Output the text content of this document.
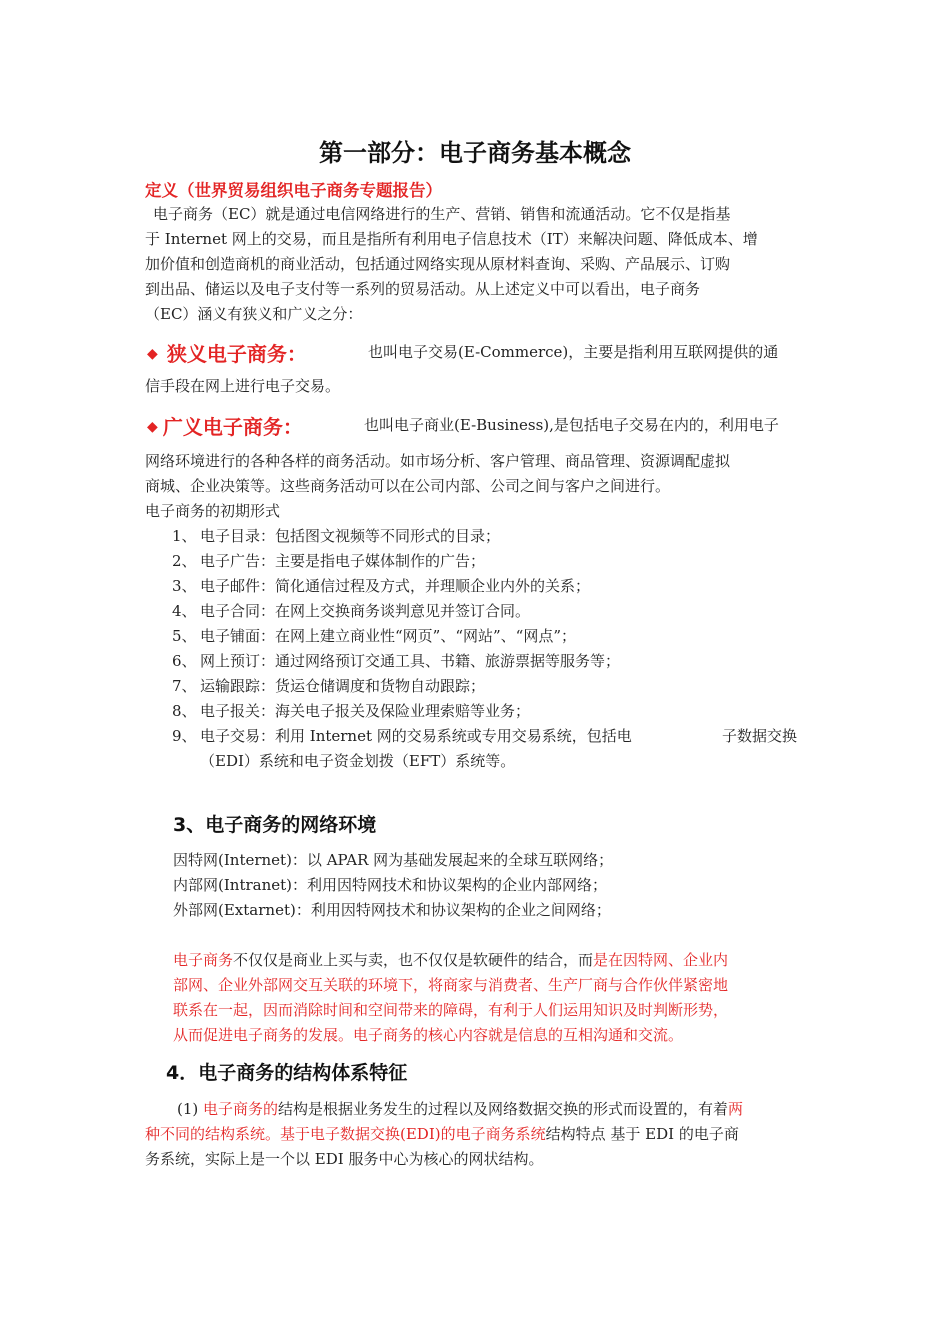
第一部分：电子商务基本概念
定义（世界贸易组织电子商务专题报告）
电子商务（EC）就是通过电信网络进行的生产、营销、销售和流通活动。它不仅是指基
于 Internet 网上的交易，而且是指所有利用电子信息技术（IT）来解决问题、降低成本、增
加价值和创造商机的商业活动，包括通过网络实现从原材料查询、采购、产品展示、订购
到出品、储运以及电子支付等一系列的贸易活动。从上述定义中可以看出，电子商务
（EC）涵义有狭义和广义之分：
◆ 狭义电子商务：	也叫电子交易(E-Commerce)，主要是指利用互联网提供的通
信手段在网上进行电子交易。
◆ 广义电子商务：	也叫电子商业(E-Business),是包括电子交易在内的，利用电子
网络环境进行的各种各样的商务活动。如市场分析、客户管理、商品管理、资源调配虚拟
商城、企业决策等。这些商务活动可以在公司内部、公司之间与客户之间进行。
电子商务的初期形式
1、 电子目录：包括图文视频等不同形式的目录；
2、 电子广告：主要是指电子媒体制作的广告；
3、 电子邮件：简化通信过程及方式，并理顺企业内外的关系；
4、 电子合同：在网上交换商务谈判意见并签订合同。
5、 电子铺面：在网上建立商业性“网页”、“网站”、“网点”；
6、 网上预订：通过网络预订交通工具、书籍、旅游票据等服务等；
7、 运输跟踪：货运仓储调度和货物自动跟踪；
8、 电子报关：海关电子报关及保险业理索赔等业务；
9、 电子交易：利用 Internet 网的交易系统或专用交易系统，包括电	子数据交换
（EDI）系统和电子资金划拨（EFT）系统等。
3、电子商务的网络环境
因特网(Internet)：以 APAR 网为基础发展起来的全球互联网络；
内部网(Intranet)：利用因特网技术和协议架构的企业内部网络；
外部网(Extarnet)：利用因特网技术和协议架构的企业之间网络；
电子商务不仅仅是商业上买与卖，也不仅仅是软硬件的结合，而是在因特网、企业内
部网、企业外部网交互关联的环境下，将商家与消费者、生产厂商与合作伙伴紧密地
联系在一起，因而消除时间和空间带来的障碍，有利于人们运用知识及时判断形势，
从而促进电子商务的发展。电子商务的核心内容就是信息的互相沟通和交流。
4．电子商务的结构体系特征
(1) 电子商务的结构是根据业务发生的过程以及网络数据交换的形式而设置的，有着两
种不同的结构系统。基于电子数据交换(EDI)的电子商务系统结构特点 基于 EDI 的电子商
务系统，实际上是一个以 EDI 服务中心为核心的网状结构。
